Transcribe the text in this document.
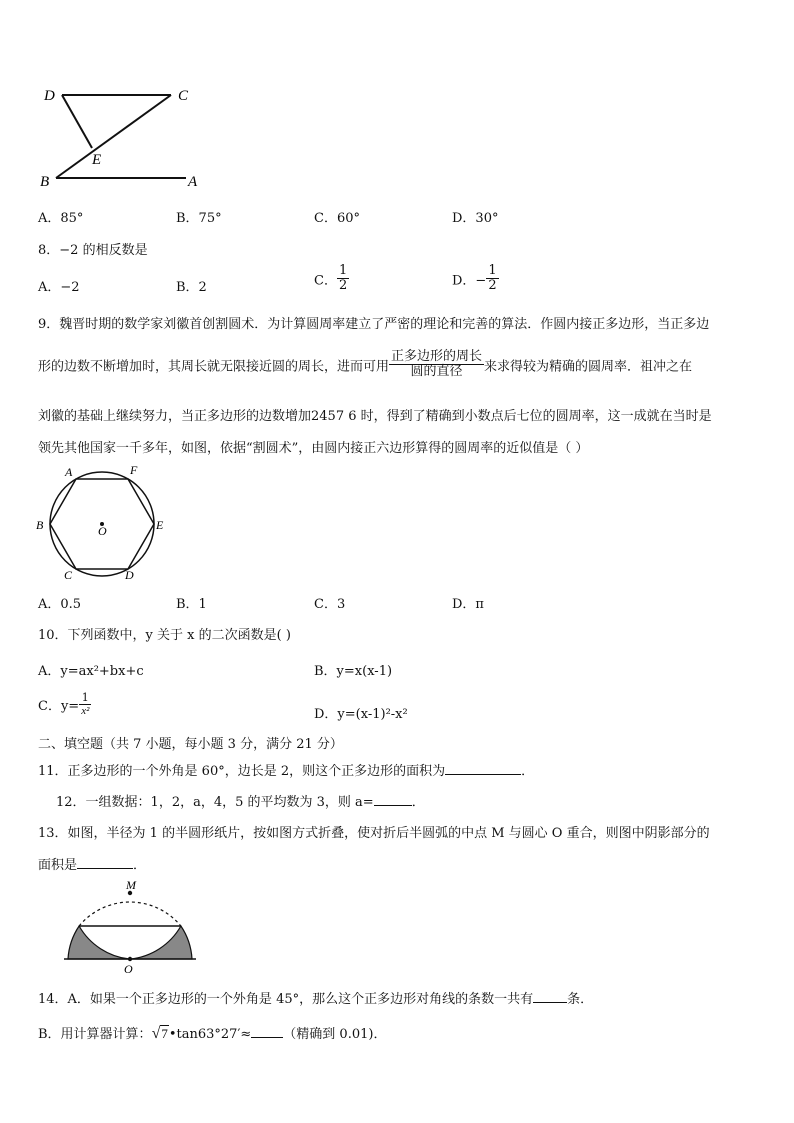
D	C
E
B	A
A．85°	B．75°	C．60°	D．30°
8．−2 的相反数是
A．−2	B．2	C． $\frac{1}{2}$	D．− $\frac{1}{2}$
9．魏晋时期的数学家刘徽首创割圆术．为计算圆周率建立了严密的理论和完善的算法．作圆内接正多边形，当正多边
形的边数不断增加时，其周长就无限接近圆的周长，进而可用 $\frac{\text{正多边形的周长}}{\text{圆的直径}}$ 来求得较为精确的圆周率．祖冲之在
刘徽的基础上继续努力，当正多边形的边数增加2457 6 时，得到了精确到小数点后七位的圆周率，这一成就在当时是
领先其他国家一千多年，如图，依据“割圆术”，由圆内接正六边形算得的圆周率的近似值是（ ）
A	F
B	O	E
C	D
A．0.5	B．1	C．3	D．π
10．下列函数中，y 关于 x 的二次函数是( )
A．y=ax²+bx+c	B．y=x(x-1)
C．$y= \frac{1}{\text{x²}}$	D．y=(x-1)²-x²
二、填空题（共 7 小题，每小题 3 分，满分 21 分）
11．正多边形的一个外角是 60°，边长是 2，则这个正多边形的面积为	．
12．一组数据：1，2，a，4，5 的平均数为 3，则 a=	．
13．如图，半径为 1 的半圆形纸片，按如图方式折叠，使对折后半圆弧的中点 M 与圆心 O 重合，则图中阴影部分的
面积是	．
M
O
14．A．如果一个正多边形的一个外角是 45°，那么这个正多边形对角线的条数一共有	条．
B．用计算器计算：√7•tan63°27′≈ （精确到 0.01)．
